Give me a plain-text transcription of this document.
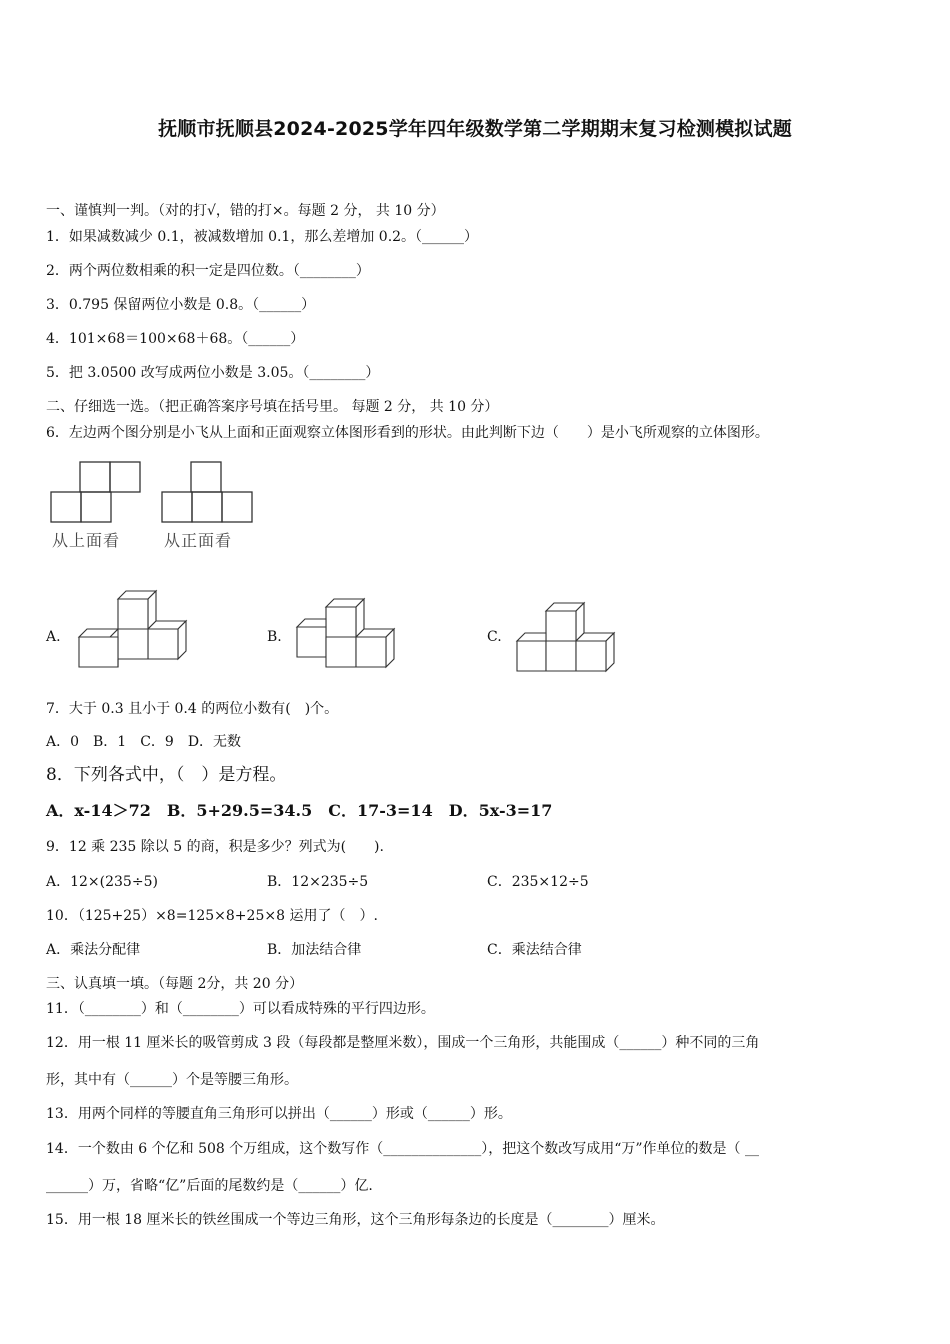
抚顺市抚顺县2024-2025学年四年级数学第二学期期末复习检测模拟试题
一、谨慎判一判。（对的打√，错的打×。每题 2 分， 共 10 分）
1．如果减数减少 0.1，被减数增加 0.1，那么差增加 0.2。（______）
2．两个两位数相乘的积一定是四位数。（________）
3．0.795 保留两位小数是 0.8。（______）
4．101×68＝100×68＋68。（______）
5．把 3.0500 改写成两位小数是 3.05。（________）
二、仔细选一选。（把正确答案序号填在括号里。 每题 2 分， 共 10 分）
6．左边两个图分别是小飞从上面和正面观察立体图形看到的形状。由此判断下边（　　）是小飞所观察的立体图形。
从上面看	从正面看
A.	B.	C.
7．大于 0.3 且小于 0.4 的两位小数有(　)个。
A．0　B．1　C．9　D．无数
8．下列各式中，（　）是方程。
A．x-14＞72　B．5+29.5=34.5　C．17-3=14　D．5x-3=17
9．12 乘 235 除以 5 的商，积是多少？列式为(　　).
A．12×(235÷5)	B．12×235÷5	C．235×12÷5
10．（125+25）×8=125×8+25×8 运用了（　）.
A．乘法分配律	B．加法结合律	C．乘法结合律
三、认真填一填。（每题 2分，共 20 分）
11．（________）和（________）可以看成特殊的平行四边形。
12．用一根 11 厘米长的吸管剪成 3 段（每段都是整厘米数），围成一个三角形，共能围成（______）种不同的三角
形，其中有（______）个是等腰三角形。
13．用两个同样的等腰直角三角形可以拼出（______）形或（______）形。
14．一个数由 6 个亿和 508 个万组成，这个数写作（______________），把这个数改写成用“万”作单位的数是（ __
______）万，省略“亿”后面的尾数约是（______）亿.
15．用一根 18 厘米长的铁丝围成一个等边三角形，这个三角形每条边的长度是（________）厘米。
